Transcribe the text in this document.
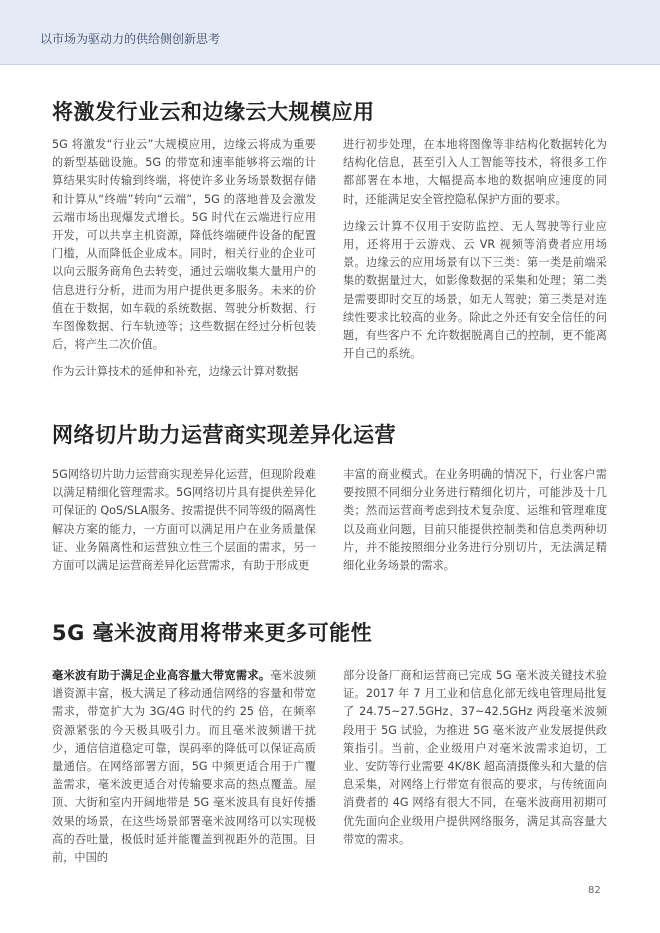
以市场为驱动力的供给侧创新思考
将激发行业云和边缘云大规模应用

5G 将激发“行业云”大规模应用，边缘云将成为重要的新型基础设施。5G 的带宽和速率能够将云端的计算结果实时传输到终端，将使许多业务场景数据存储和计算从“终端”转向“云端”，5G 的落地普及会激发云端市场出现爆发式增长。5G 时代在云端进行应用开发，可以共享主机资源，降低终端硬件设备的配置门槛，从而降低企业成本。同时，相关行业的企业可以向云服务商角色去转变，通过云端收集大量用户的信息进行分析，进而为用户提供更多服务。未来的价值在于数据，如车载的系统数据、驾驶分析数据、行车图像数据、行车轨迹等；这些数据在经过分析包装后，将产生二次价值。

作为云计算技术的延伸和补充，边缘云计算对数据

进行初步处理，在本地将图像等非结构化数据转化为结构化信息，甚至引入人工智能等技术，将很多工作都部署在本地，大幅提高本地的数据响应速度的同时，还能满足安全管控隐私保护方面的要求。

边缘云计算不仅用于安防监控、无人驾驶等行业应用，还将用于云游戏、云 VR 视频等消费者应用场景。边缘云的应用场景有以下三类：第一类是前端采集的数据量过大，如影像数据的采集和处理；第二类是需要即时交互的场景，如无人驾驶；第三类是对连续性要求比较高的业务。除此之外还有安全信任的问题，有些客户不 允许数据脱离自己的控制，更不能离开自己的系统。

网络切片助力运营商实现差异化运营

5G网络切片助力运营商实现差异化运营，但现阶段难以满足精细化管理需求。5G网络切片具有提供差异化可保证的 QoS/SLA服务、按需提供不同等级的隔离性解决方案的能力，一方面可以满足用户在业务质量保证、业务隔离性和运营独立性三个层面的需求，另一方面可以满足运营商差异化运营需求，有助于形成更

丰富的商业模式。在业务明确的情况下，行业客户需要按照不同细分业务进行精细化切片，可能涉及十几类；然而运营商考虑到技术复杂度、运维和管理难度以及商业问题，目前只能提供控制类和信息类两种切片，并不能按照细分业务进行分别切片，无法满足精细化业务场景的需求。

5G 毫米波商用将带来更多可能性

毫米波有助于满足企业高容量大带宽需求。毫米波频谱资源丰富，极大满足了移动通信网络的容量和带宽需求，带宽扩大为 3G/4G 时代的约 25 倍，在频率资源紧张的今天极具吸引力。而且毫米波频谱干扰少，通信信道稳定可靠，误码率的降低可以保证高质量通信。在网络部署方面，5G 中频更适合用于广覆盖需求，毫米波更适合对传输要求高的热点覆盖。屋顶、大街和室内开阔地带是 5G 毫米波具有良好传播效果的场景，在这些场景部署毫米波网络可以实现极高的吞吐量，极低时延并能覆盖到视距外的范围。目前，中国的

部分设备厂商和运营商已完成 5G 毫米波关键技术验证。2017 年 7 月工业和信息化部无线电管理局批复了 24.75~27.5GHz、37~42.5GHz 两段毫米波频段用于 5G 试验，为推进 5G 毫米波产业发展提供政策指引。当前，企业级用户对毫米波需求迫切，工业、安防等行业需要 4K/8K 超高清摄像头和大量的信息采集，对网络上行带宽有很高的要求，与传统面向消费者的 4G 网络有很大不同，在毫米波商用初期可优先面向企业级用户提供网络服务，满足其高容量大带宽的需求。

82
